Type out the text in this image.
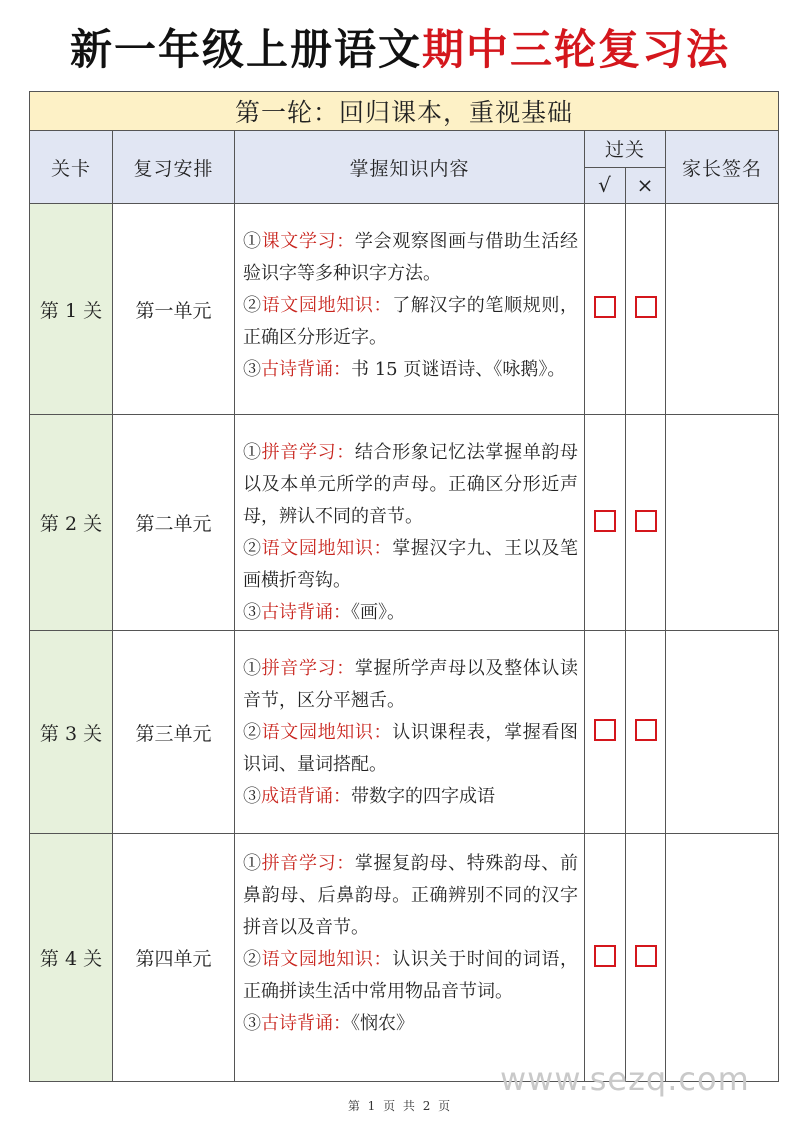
新一年级上册语文期中三轮复习法
第一轮：回归课本，重视基础					
关卡	复习安排	掌握知识内容	过关		家长签名
			√	×	
第 1 关	第一单元	①课文学习：学会观察图画与借助生活经验识字等多种识字方法。

②语文园地知识：了解汉字的笔顺规则，正确区分形近字。

③古诗背诵：书 15 页谜语诗、《咏鹅》。			

第 2 关	第二单元	①拼音学习：结合形象记忆法掌握单韵母以及本单元所学的声母。正确区分形近声母，辨认不同的音节。

②语文园地知识：掌握汉字九、王以及笔画横折弯钩。

③古诗背诵：《画》。			

第 3 关	第三单元	①拼音学习：掌握所学声母以及整体认读音节，区分平翘舌。

②语文园地知识：认识课程表，掌握看图识词、量词搭配。

③成语背诵：带数字的四字成语			

第 4 关	第四单元	①拼音学习：掌握复韵母、特殊韵母、前鼻韵母、后鼻韵母。正确辨别不同的汉字拼音以及音节。

②语文园地知识：认识关于时间的词语，正确拼读生活中常用物品音节词。

③古诗背诵：《悯农》			

www.sezq.com
第 1 页 共 2 页
